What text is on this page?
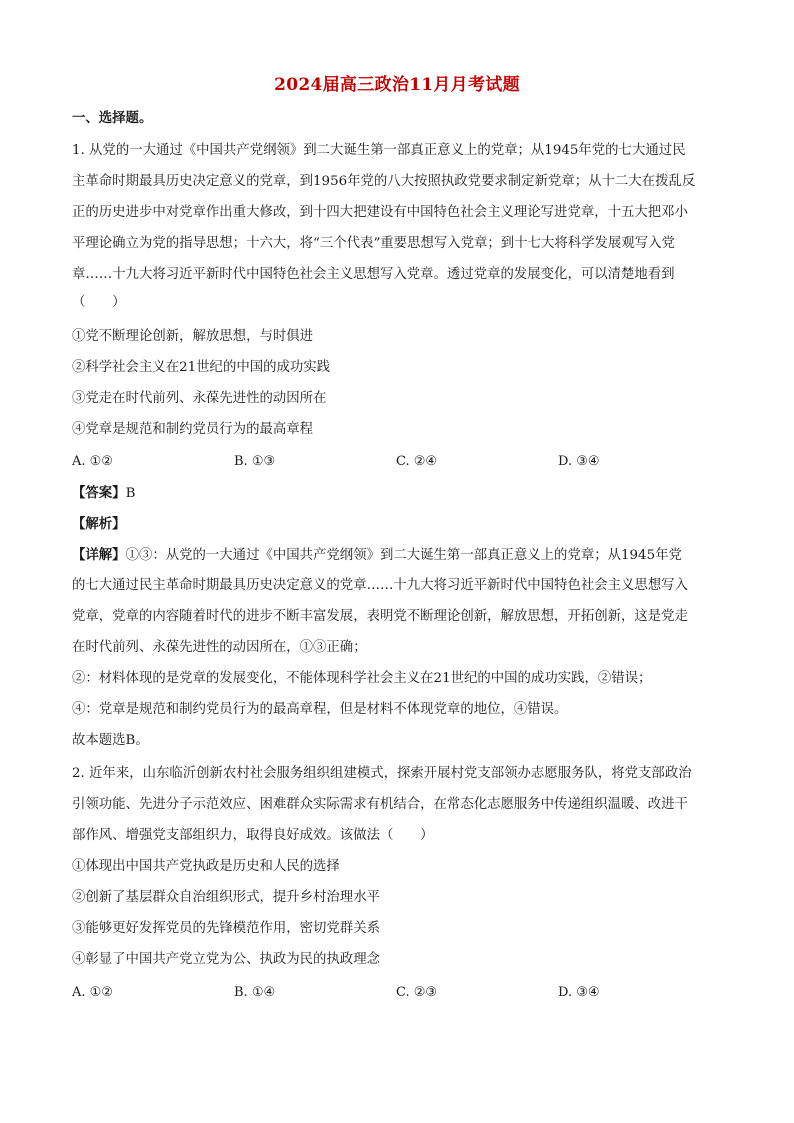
2024届高三政治11月月考试题
一、选择题。
1. 从党的一大通过《中国共产党纲领》到二大诞生第一部真正意义上的党章；从1945年党的七大通过民
主革命时期最具历史决定意义的党章，到1956年党的八大按照执政党要求制定新党章；从十二大在拨乱反
正的历史进步中对党章作出重大修改，到十四大把建设有中国特色社会主义理论写进党章，十五大把邓小
平理论确立为党的指导思想；十六大，将“三个代表”重要思想写入党章；到十七大将科学发展观写入党
章……十九大将习近平新时代中国特色社会主义思想写入党章。透过党章的发展变化，可以清楚地看到
（　　）
①党不断理论创新，解放思想，与时俱进
②科学社会主义在21世纪的中国的成功实践
③党走在时代前列、永葆先进性的动因所在
④党章是规范和制约党员行为的最高章程
A. ①②	B. ①③	C. ②④	D. ③④
【答案】B
【解析】
【详解】①③：从党的一大通过《中国共产党纲领》到二大诞生第一部真正意义上的党章；从1945年党
的七大通过民主革命时期最具历史决定意义的党章……十九大将习近平新时代中国特色社会主义思想写入
党章，党章的内容随着时代的进步不断丰富发展，表明党不断理论创新，解放思想，开拓创新，这是党走
在时代前列、永葆先进性的动因所在，①③正确；
②：材料体现的是党章的发展变化，不能体现科学社会主义在21世纪的中国的成功实践，②错误；
④：党章是规范和制约党员行为的最高章程，但是材料不体现党章的地位，④错误。
故本题选B。
2. 近年来，山东临沂创新农村社会服务组织组建模式，探索开展村党支部领办志愿服务队，将党支部政治
引领功能、先进分子示范效应、困难群众实际需求有机结合，在常态化志愿服务中传递组织温暖、改进干
部作风、增强党支部组织力，取得良好成效。该做法（　　）
①体现出中国共产党执政是历史和人民的选择
②创新了基层群众自治组织形式，提升乡村治理水平
③能够更好发挥党员的先锋模范作用，密切党群关系
④彰显了中国共产党立党为公、执政为民的执政理念
A. ①②	B. ①④	C. ②③	D. ③④
